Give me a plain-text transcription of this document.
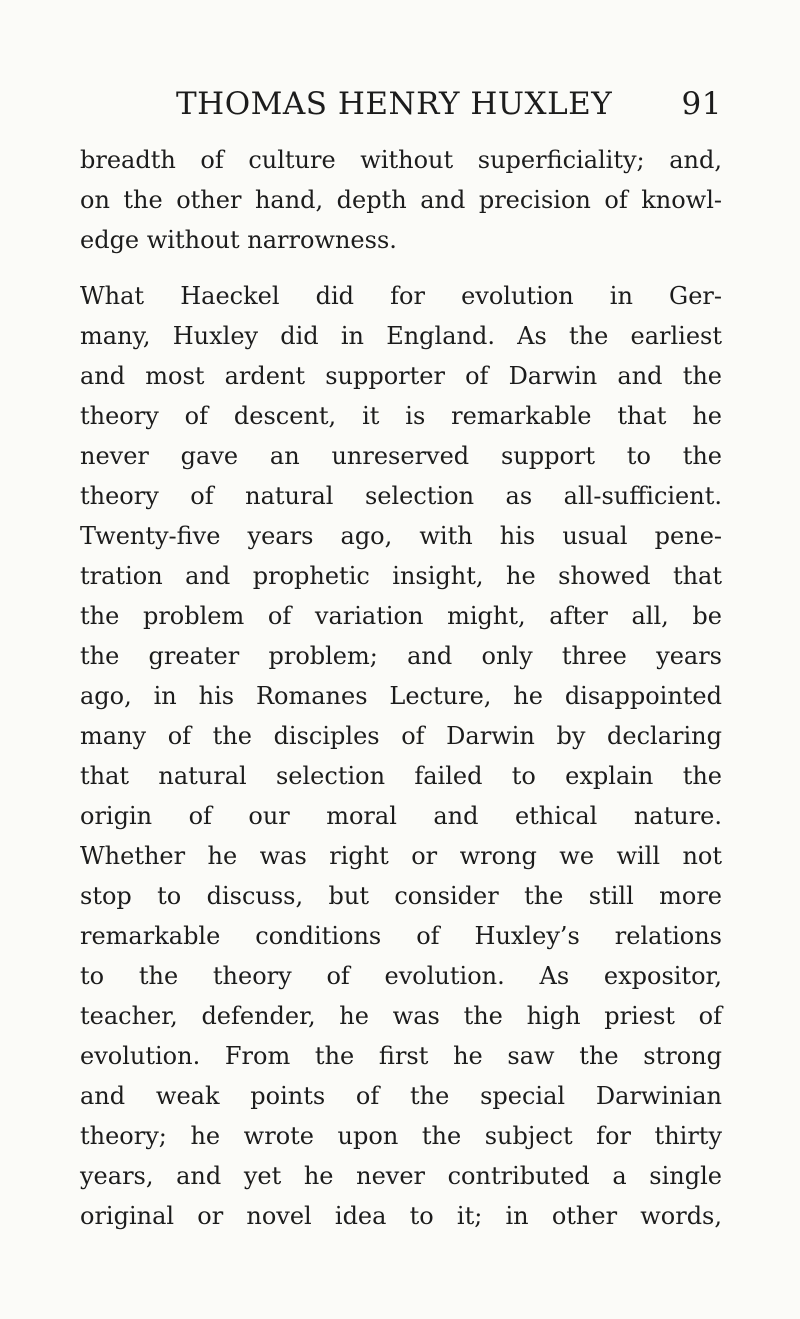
THOMAS HENRY HUXLEY 91
breadth of culture without superficiality; and,
on the other hand, depth and precision of knowl-
edge without narrowness.
What Haeckel did for evolution in Ger-
many, Huxley did in England. As the earliest
and most ardent supporter of Darwin and the
theory of descent, it is remarkable that he
never gave an unreserved support to the
theory of natural selection as all-sufficient.
Twenty-five years ago, with his usual pene-
tration and prophetic insight, he showed that
the problem of variation might, after all, be
the greater problem; and only three years
ago, in his Romanes Lecture, he disappointed
many of the disciples of Darwin by declaring
that natural selection failed to explain the
origin of our moral and ethical nature.
Whether he was right or wrong we will not
stop to discuss, but consider the still more
remarkable conditions of Huxley’s relations
to the theory of evolution. As expositor,
teacher, defender, he was the high priest of
evolution. From the first he saw the strong
and weak points of the special Darwinian
theory; he wrote upon the subject for thirty
years, and yet he never contributed a single
original or novel idea to it; in other words,
